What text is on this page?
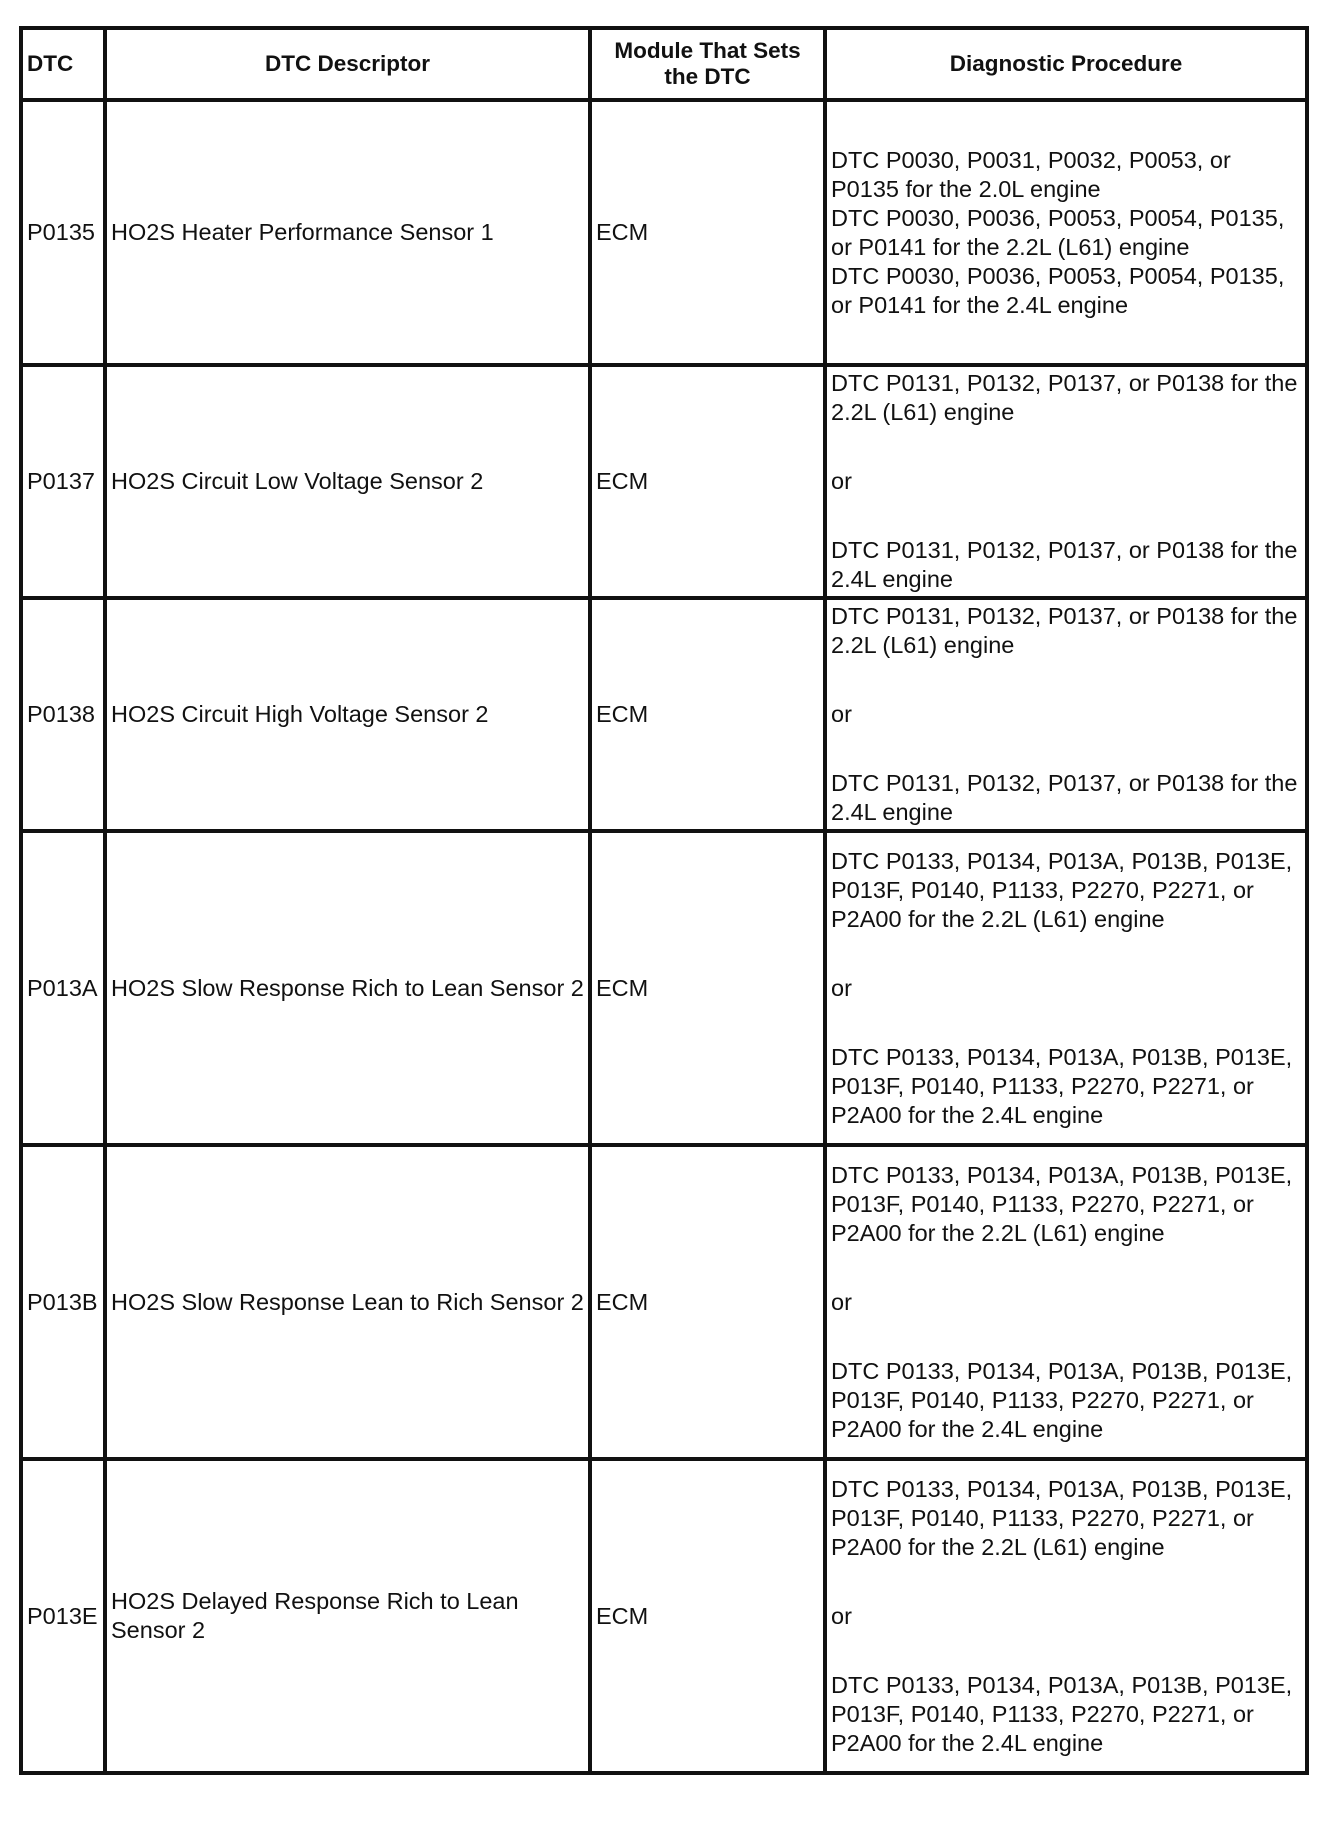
DTC	DTC Descriptor	Module That Sets the DTC	Diagnostic Procedure
P0135	HO2S Heater Performance Sensor 1	ECM	DTC P0030, P0031, P0032, P0053, or P0135 for the 2.0L engine
DTC P0030, P0036, P0053, P0054, P0135, or P0141 for the 2.2L (L61) engine
DTC P0030, P0036, P0053, P0054, P0135, or P0141 for the 2.4L engine

P0137	HO2S Circuit Low Voltage Sensor 2	ECM	DTC P0131, P0132, P0137, or P0138 for the 2.2L (L61) engine
or
DTC P0131, P0132, P0137, or P0138 for the 2.4L engine

P0138	HO2S Circuit High Voltage Sensor 2	ECM	DTC P0131, P0132, P0137, or P0138 for the 2.2L (L61) engine
or
DTC P0131, P0132, P0137, or P0138 for the 2.4L engine

P013A	HO2S Slow Response Rich to Lean Sensor 2	ECM	DTC P0133, P0134, P013A, P013B, P013E, P013F, P0140, P1133, P2270, P2271, or P2A00 for the 2.2L (L61) engine
or
DTC P0133, P0134, P013A, P013B, P013E, P013F, P0140, P1133, P2270, P2271, or P2A00 for the 2.4L engine

P013B	HO2S Slow Response Lean to Rich Sensor 2	ECM	DTC P0133, P0134, P013A, P013B, P013E, P013F, P0140, P1133, P2270, P2271, or P2A00 for the 2.2L (L61) engine
or
DTC P0133, P0134, P013A, P013B, P013E, P013F, P0140, P1133, P2270, P2271, or P2A00 for the 2.4L engine

P013E	HO2S Delayed Response Rich to Lean Sensor 2	ECM	DTC P0133, P0134, P013A, P013B, P013E, P013F, P0140, P1133, P2270, P2271, or P2A00 for the 2.2L (L61) engine
or
DTC P0133, P0134, P013A, P013B, P013E, P013F, P0140, P1133, P2270, P2271, or P2A00 for the 2.4L engine
